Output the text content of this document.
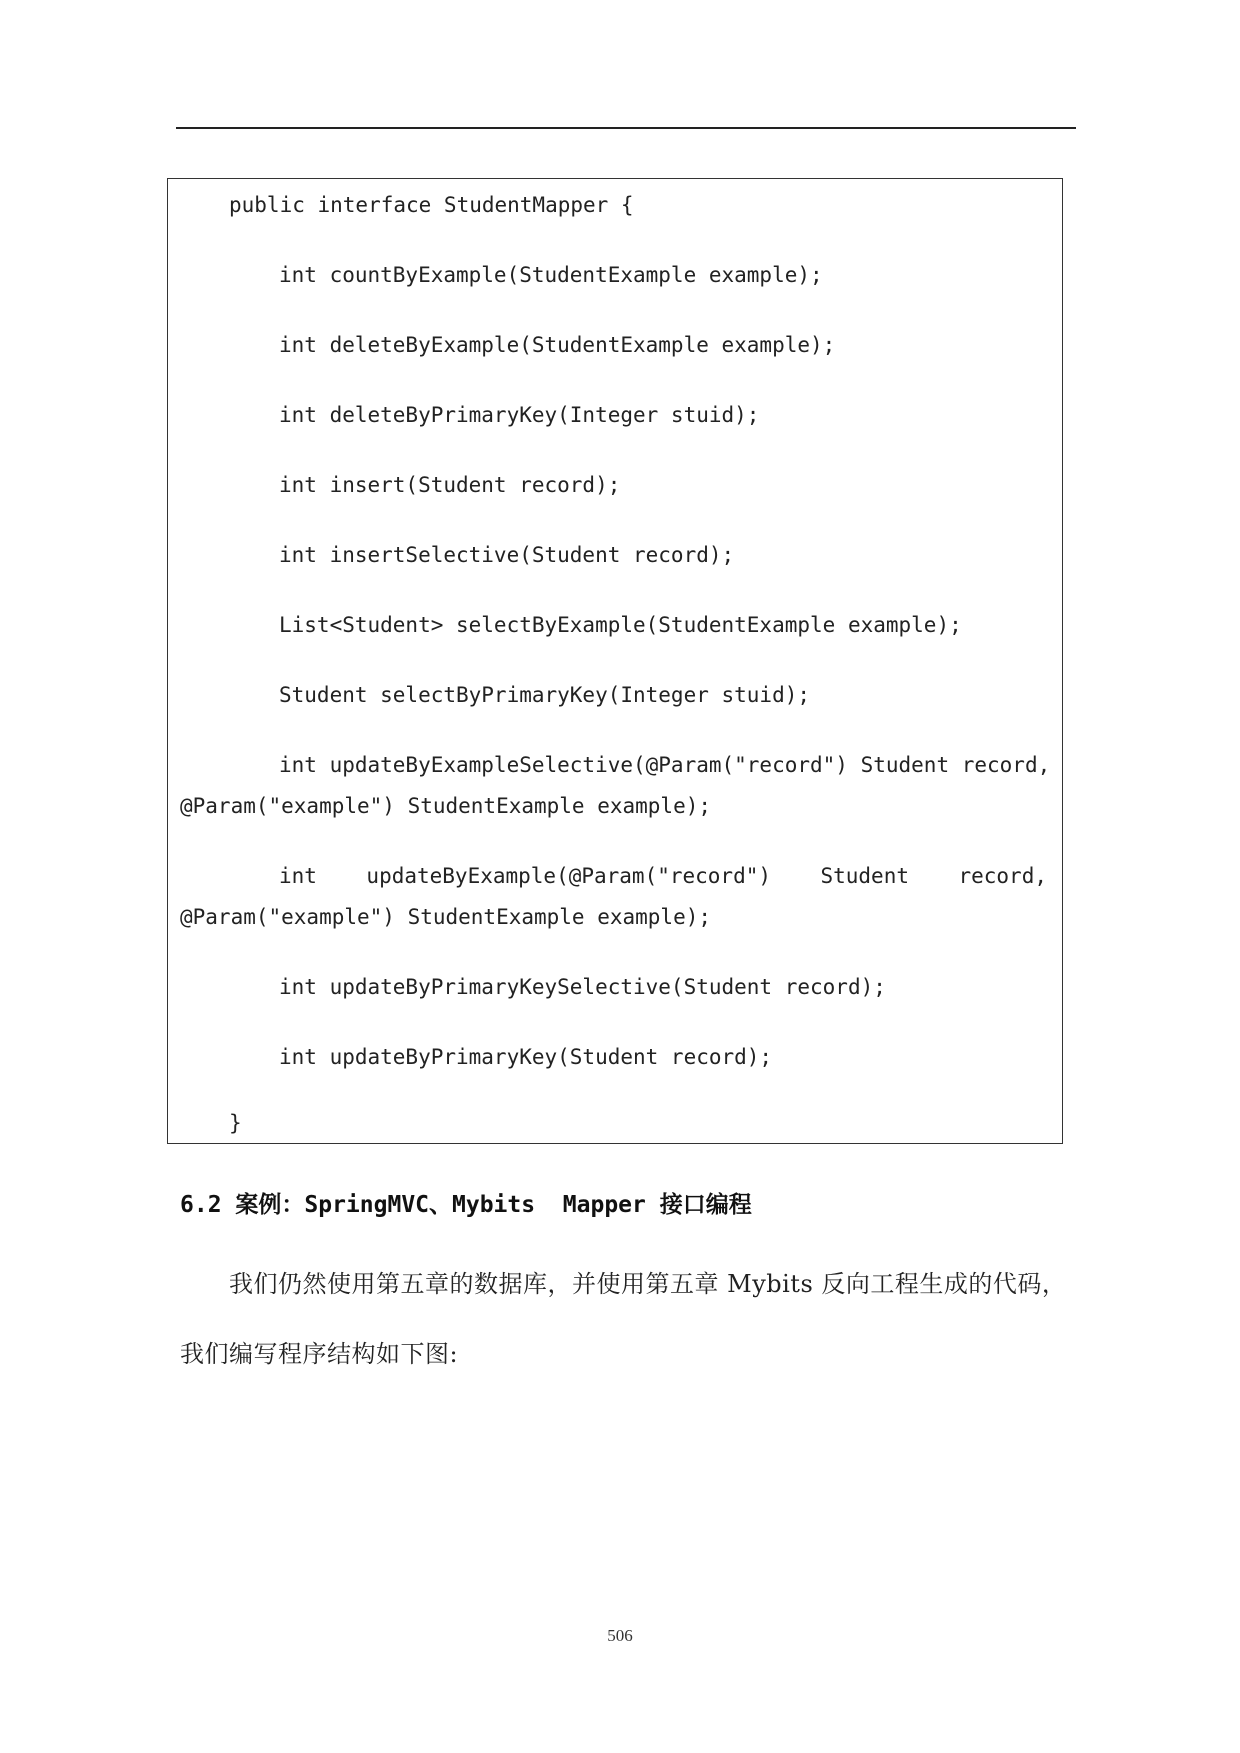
public interface StudentMapper {
int countByExample(StudentExample example);
int deleteByExample(StudentExample example);
int deleteByPrimaryKey(Integer stuid);
int insert(Student record);
int insertSelective(Student record);
List<Student> selectByExample(StudentExample example);
Student selectByPrimaryKey(Integer stuid);
int updateByExampleSelective(@Param("record") Student record,
@Param("example") StudentExample example);
int updateByExample(@Param("record") Student record,
@Param("example") StudentExample example);
int updateByPrimaryKeySelective(Student record);
int updateByPrimaryKey(Student record);
}
6.2 案例：SpringMVC、Mybits  Mapper 接口编程
我们仍然使用第五章的数据库，并使用第五章 Mybits 反向工程生成的代码，
我们编写程序结构如下图:
506
